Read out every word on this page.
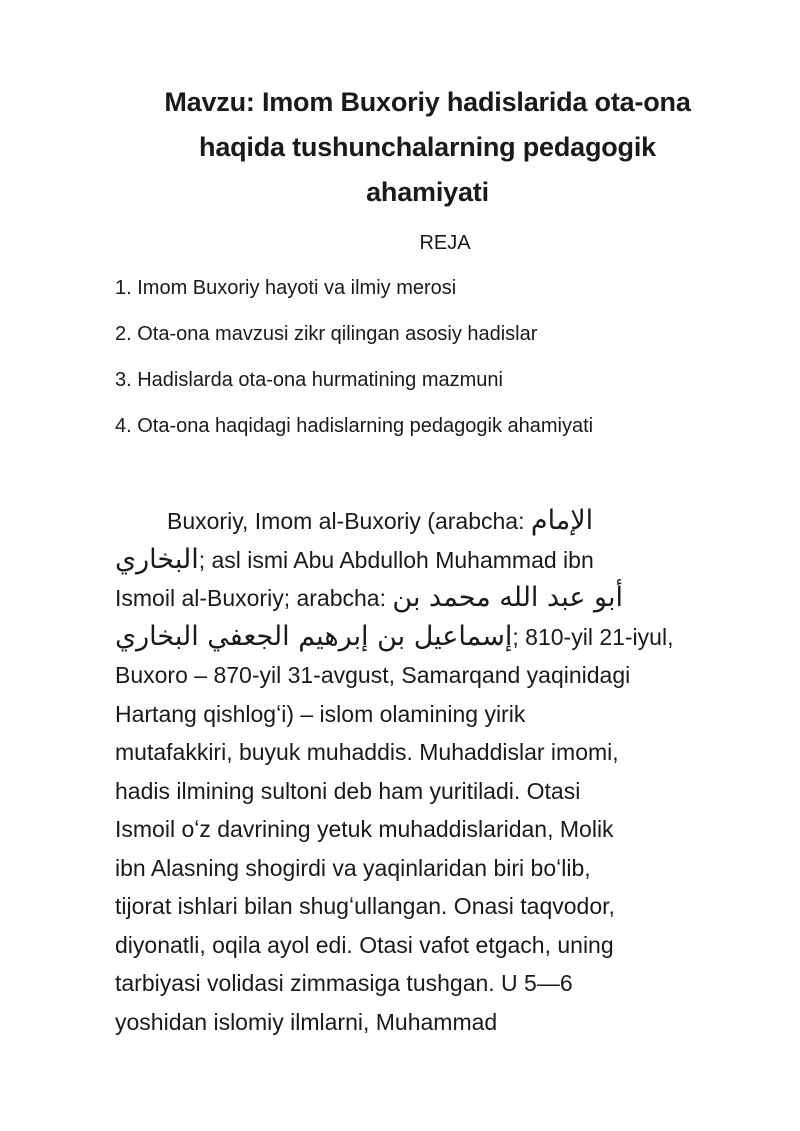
Mavzu: Imom Buxoriy hadislarida ota-ona
haqida tushunchalarning pedagogik
ahamiyati
REJA
1. Imom Buxoriy hayoti va ilmiy merosi
2. Ota-ona mavzusi zikr qilingan asosiy hadislar
3. Hadislarda ota-ona hurmatining mazmuni
4. Ota-ona haqidagi hadislarning pedagogik ahamiyati
Buxoriy, Imom al-Buxoriy (arabcha: الإمام
البخاري; asl ismi Abu Abdulloh Muhammad ibn
Ismoil al-Buxoriy; arabcha: أبو عبد الله محمد بن
إسماعيل بن إبرهيم الجعفي البخاري; 810-yil 21-iyul,
Buxoro – 870-yil 31-avgust, Samarqand yaqinidagi
Hartang qishlogʻi) – islom olamining yirik
mutafakkiri, buyuk muhaddis. Muhaddislar imomi,
hadis ilmining sultoni deb ham yuritiladi. Otasi
Ismoil oʻz davrining yetuk muhaddislaridan, Molik
ibn Alasning shogirdi va yaqinlaridan biri boʻlib,
tijorat ishlari bilan shugʻullangan. Onasi taqvodor,
diyonatli, oqila ayol edi. Otasi vafot etgach, uning
tarbiyasi volidasi zimmasiga tushgan. U 5—6
yoshidan islomiy ilmlarni, Muhammad
